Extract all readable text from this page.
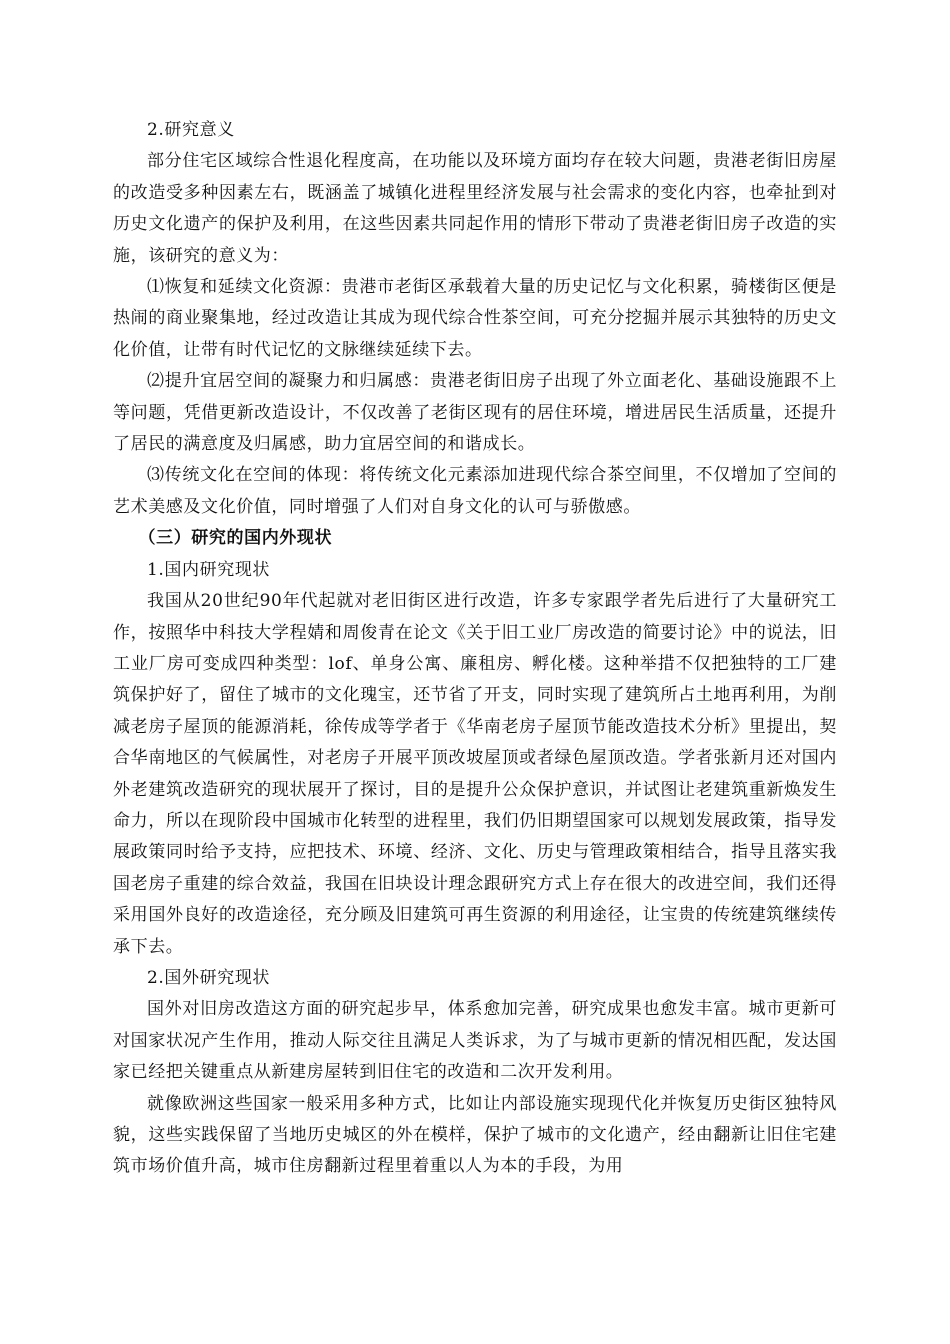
2.研究意义

部分住宅区域综合性退化程度高，在功能以及环境方面均存在较大问题，贵港老街旧房屋的改造受多种因素左右，既涵盖了城镇化进程里经济发展与社会需求的变化内容，也牵扯到对历史文化遗产的保护及利用，在这些因素共同起作用的情形下带动了贵港老街旧房子改造的实施，该研究的意义为：

⑴恢复和延续文化资源：贵港市老街区承载着大量的历史记忆与文化积累，骑楼街区便是热闹的商业聚集地，经过改造让其成为现代综合性茶空间，可充分挖掘并展示其独特的历史文化价值，让带有时代记忆的文脉继续延续下去。

⑵提升宜居空间的凝聚力和归属感：贵港老街旧房子出现了外立面老化、基础设施跟不上等问题，凭借更新改造设计，不仅改善了老街区现有的居住环境，增进居民生活质量，还提升了居民的满意度及归属感，助力宜居空间的和谐成长。

⑶传统文化在空间的体现：将传统文化元素添加进现代综合茶空间里，不仅增加了空间的艺术美感及文化价值，同时增强了人们对自身文化的认可与骄傲感。

（三）研究的国内外现状

1.国内研究现状

我国从20世纪90年代起就对老旧街区进行改造，许多专家跟学者先后进行了大量研究工作，按照华中科技大学程婧和周俊青在论文《关于旧工业厂房改造的简要讨论》中的说法，旧工业厂房可变成四种类型：lof、单身公寓、廉租房、孵化楼。这种举措不仅把独特的工厂建筑保护好了，留住了城市的文化瑰宝，还节省了开支，同时实现了建筑所占土地再利用，为削减老房子屋顶的能源消耗，徐传成等学者于《华南老房子屋顶节能改造技术分析》里提出，契合华南地区的气候属性，对老房子开展平顶改坡屋顶或者绿色屋顶改造。学者张新月还对国内外老建筑改造研究的现状展开了探讨，目的是提升公众保护意识，并试图让老建筑重新焕发生命力，所以在现阶段中国城市化转型的进程里，我们仍旧期望国家可以规划发展政策，指导发展政策同时给予支持，应把技术、环境、经济、文化、历史与管理政策相结合，指导且落实我国老房子重建的综合效益，我国在旧块设计理念跟研究方式上存在很大的改进空间，我们还得采用国外良好的改造途径，充分顾及旧建筑可再生资源的利用途径，让宝贵的传统建筑继续传承下去。

2.国外研究现状

国外对旧房改造这方面的研究起步早，体系愈加完善，研究成果也愈发丰富。城市更新可对国家状况产生作用，推动人际交往且满足人类诉求，为了与城市更新的情况相匹配，发达国家已经把关键重点从新建房屋转到旧住宅的改造和二次开发利用。

就像欧洲这些国家一般采用多种方式，比如让内部设施实现现代化并恢复历史街区独特风貌，这些实践保留了当地历史城区的外在模样，保护了城市的文化遗产，经由翻新让旧住宅建筑市场价值升高，城市住房翻新过程里着重以人为本的手段，为用
